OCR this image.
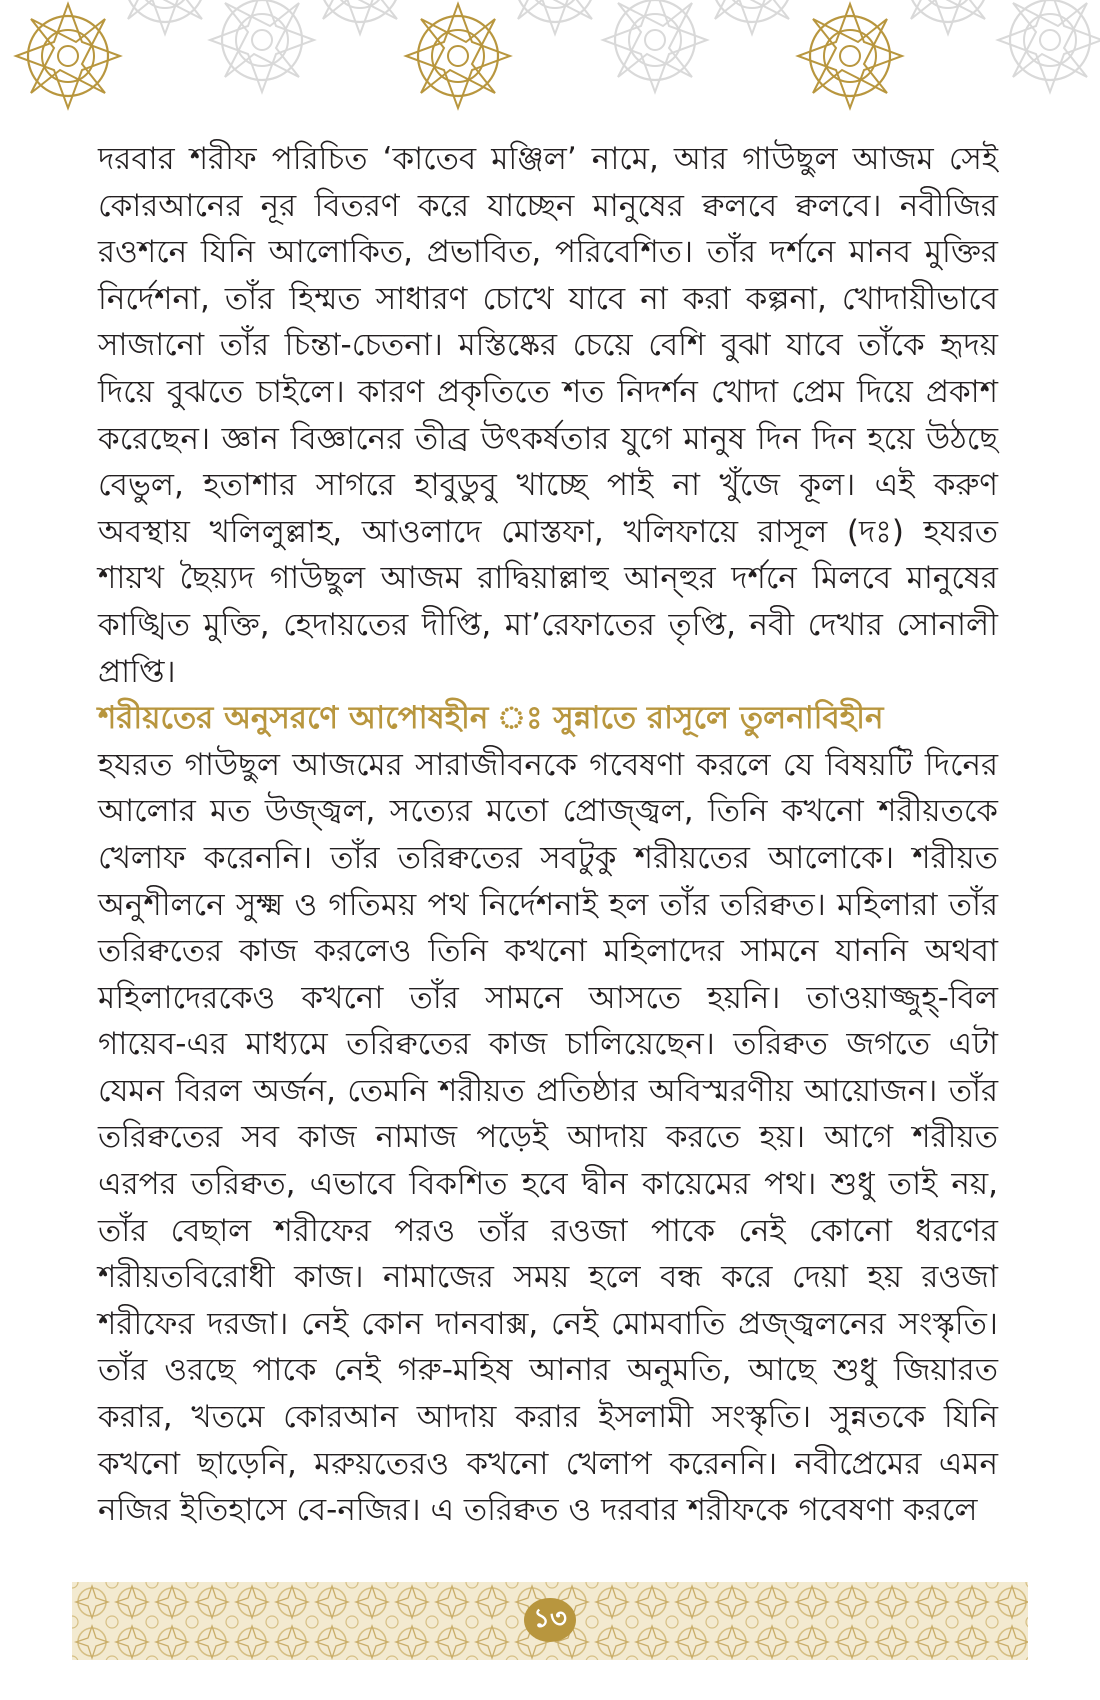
দরবার শরীফ পরিচিত ‘কাতেব মঞ্জিল’ নামে, আর গাউছুল আজম সেই কোরআনের নূর বিতরণ করে যাচ্ছেন মানুষের ক্বলবে ক্বলবে। নবীজির রওশনে যিনি আলোকিত, প্রভাবিত, পরিবেশিত। তাঁর দর্শনে মানব মুক্তির নির্দেশনা, তাঁর হিম্মত সাধারণ চোখে যাবে না করা কল্পনা, খোদায়ীভাবে সাজানো তাঁর চিন্তা-চেতনা। মস্তিষ্কের চেয়ে বেশি বুঝা যাবে তাঁকে হৃদয় দিয়ে বুঝতে চাইলে। কারণ প্রকৃতিতে শত নিদর্শন খোদা প্রেম দিয়ে প্রকাশ করেছেন। জ্ঞান বিজ্ঞানের তীব্র উৎকর্ষতার যুগে মানুষ দিন দিন হয়ে উঠছে বেভুল, হতাশার সাগরে হাবুডুবু খাচ্ছে পাই না খুঁজে কূল। এই করুণ অবস্থায় খলিলুল্লাহ, আওলাদে মোস্তফা, খলিফায়ে রাসূল (দঃ) হযরত শায়খ ছৈয়্যদ গাউছুল আজম রাদ্বিয়াল্লাহু আন্হুর দর্শনে মিলবে মানুষের কাঙ্খিত মুক্তি, হেদায়তের দীপ্তি, মা’রেফাতের তৃপ্তি, নবী দেখার সোনালী প্রাপ্তি।

শরীয়তের অনুসরণে আপোষহীন ঃ সুন্নাতে রাসূলে তুলনাবিহীন

হযরত গাউছুল আজমের সারাজীবনকে গবেষণা করলে যে বিষয়টি দিনের আলোর মত উজ্জ্বল, সত্যের মতো প্রোজ্জ্বল, তিনি কখনো শরীয়তকে খেলাফ করেননি। তাঁর তরিক্বতের সবটুকু শরীয়তের আলোকে। শরীয়ত অনুশীলনে সুক্ষ্ম ও গতিময় পথ নির্দেশনাই হল তাঁর তরিক্বত। মহিলারা তাঁর তরিক্বতের কাজ করলেও তিনি কখনো মহিলাদের সামনে যাননি অথবা মহিলাদেরকেও কখনো তাঁর সামনে আসতে হয়নি। তাওয়াজ্জুহ্-বিল গায়েব-এর মাধ্যমে তরিক্বতের কাজ চালিয়েছেন। তরিক্বত জগতে এটা যেমন বিরল অর্জন, তেমনি শরীয়ত প্রতিষ্ঠার অবিস্মরণীয় আয়োজন। তাঁর তরিক্বতের সব কাজ নামাজ পড়েই আদায় করতে হয়। আগে শরীয়ত এরপর তরিক্বত, এভাবে বিকশিত হবে দ্বীন কায়েমের পথ। শুধু তাই নয়, তাঁর বেছাল শরীফের পরও তাঁর রওজা পাকে নেই কোনো ধরণের শরীয়তবিরোধী কাজ। নামাজের সময় হলে বন্ধ করে দেয়া হয় রওজা শরীফের দরজা। নেই কোন দানবাক্স, নেই মোমবাতি প্রজ্জ্বলনের সংস্কৃতি। তাঁর ওরছে পাকে নেই গরু-মহিষ আনার অনুমতি, আছে শুধু জিয়ারত করার, খতমে কোরআন আদায় করার ইসলামী সংস্কৃতি। সুন্নতকে যিনি কখনো ছাড়েনি, মরুয়তেরও কখনো খেলাপ করেননি। নবীপ্রেমের এমন নজির ইতিহাসে বে-নজির। এ তরিক্বত ও দরবার শরীফকে গবেষণা করলে

১৩
